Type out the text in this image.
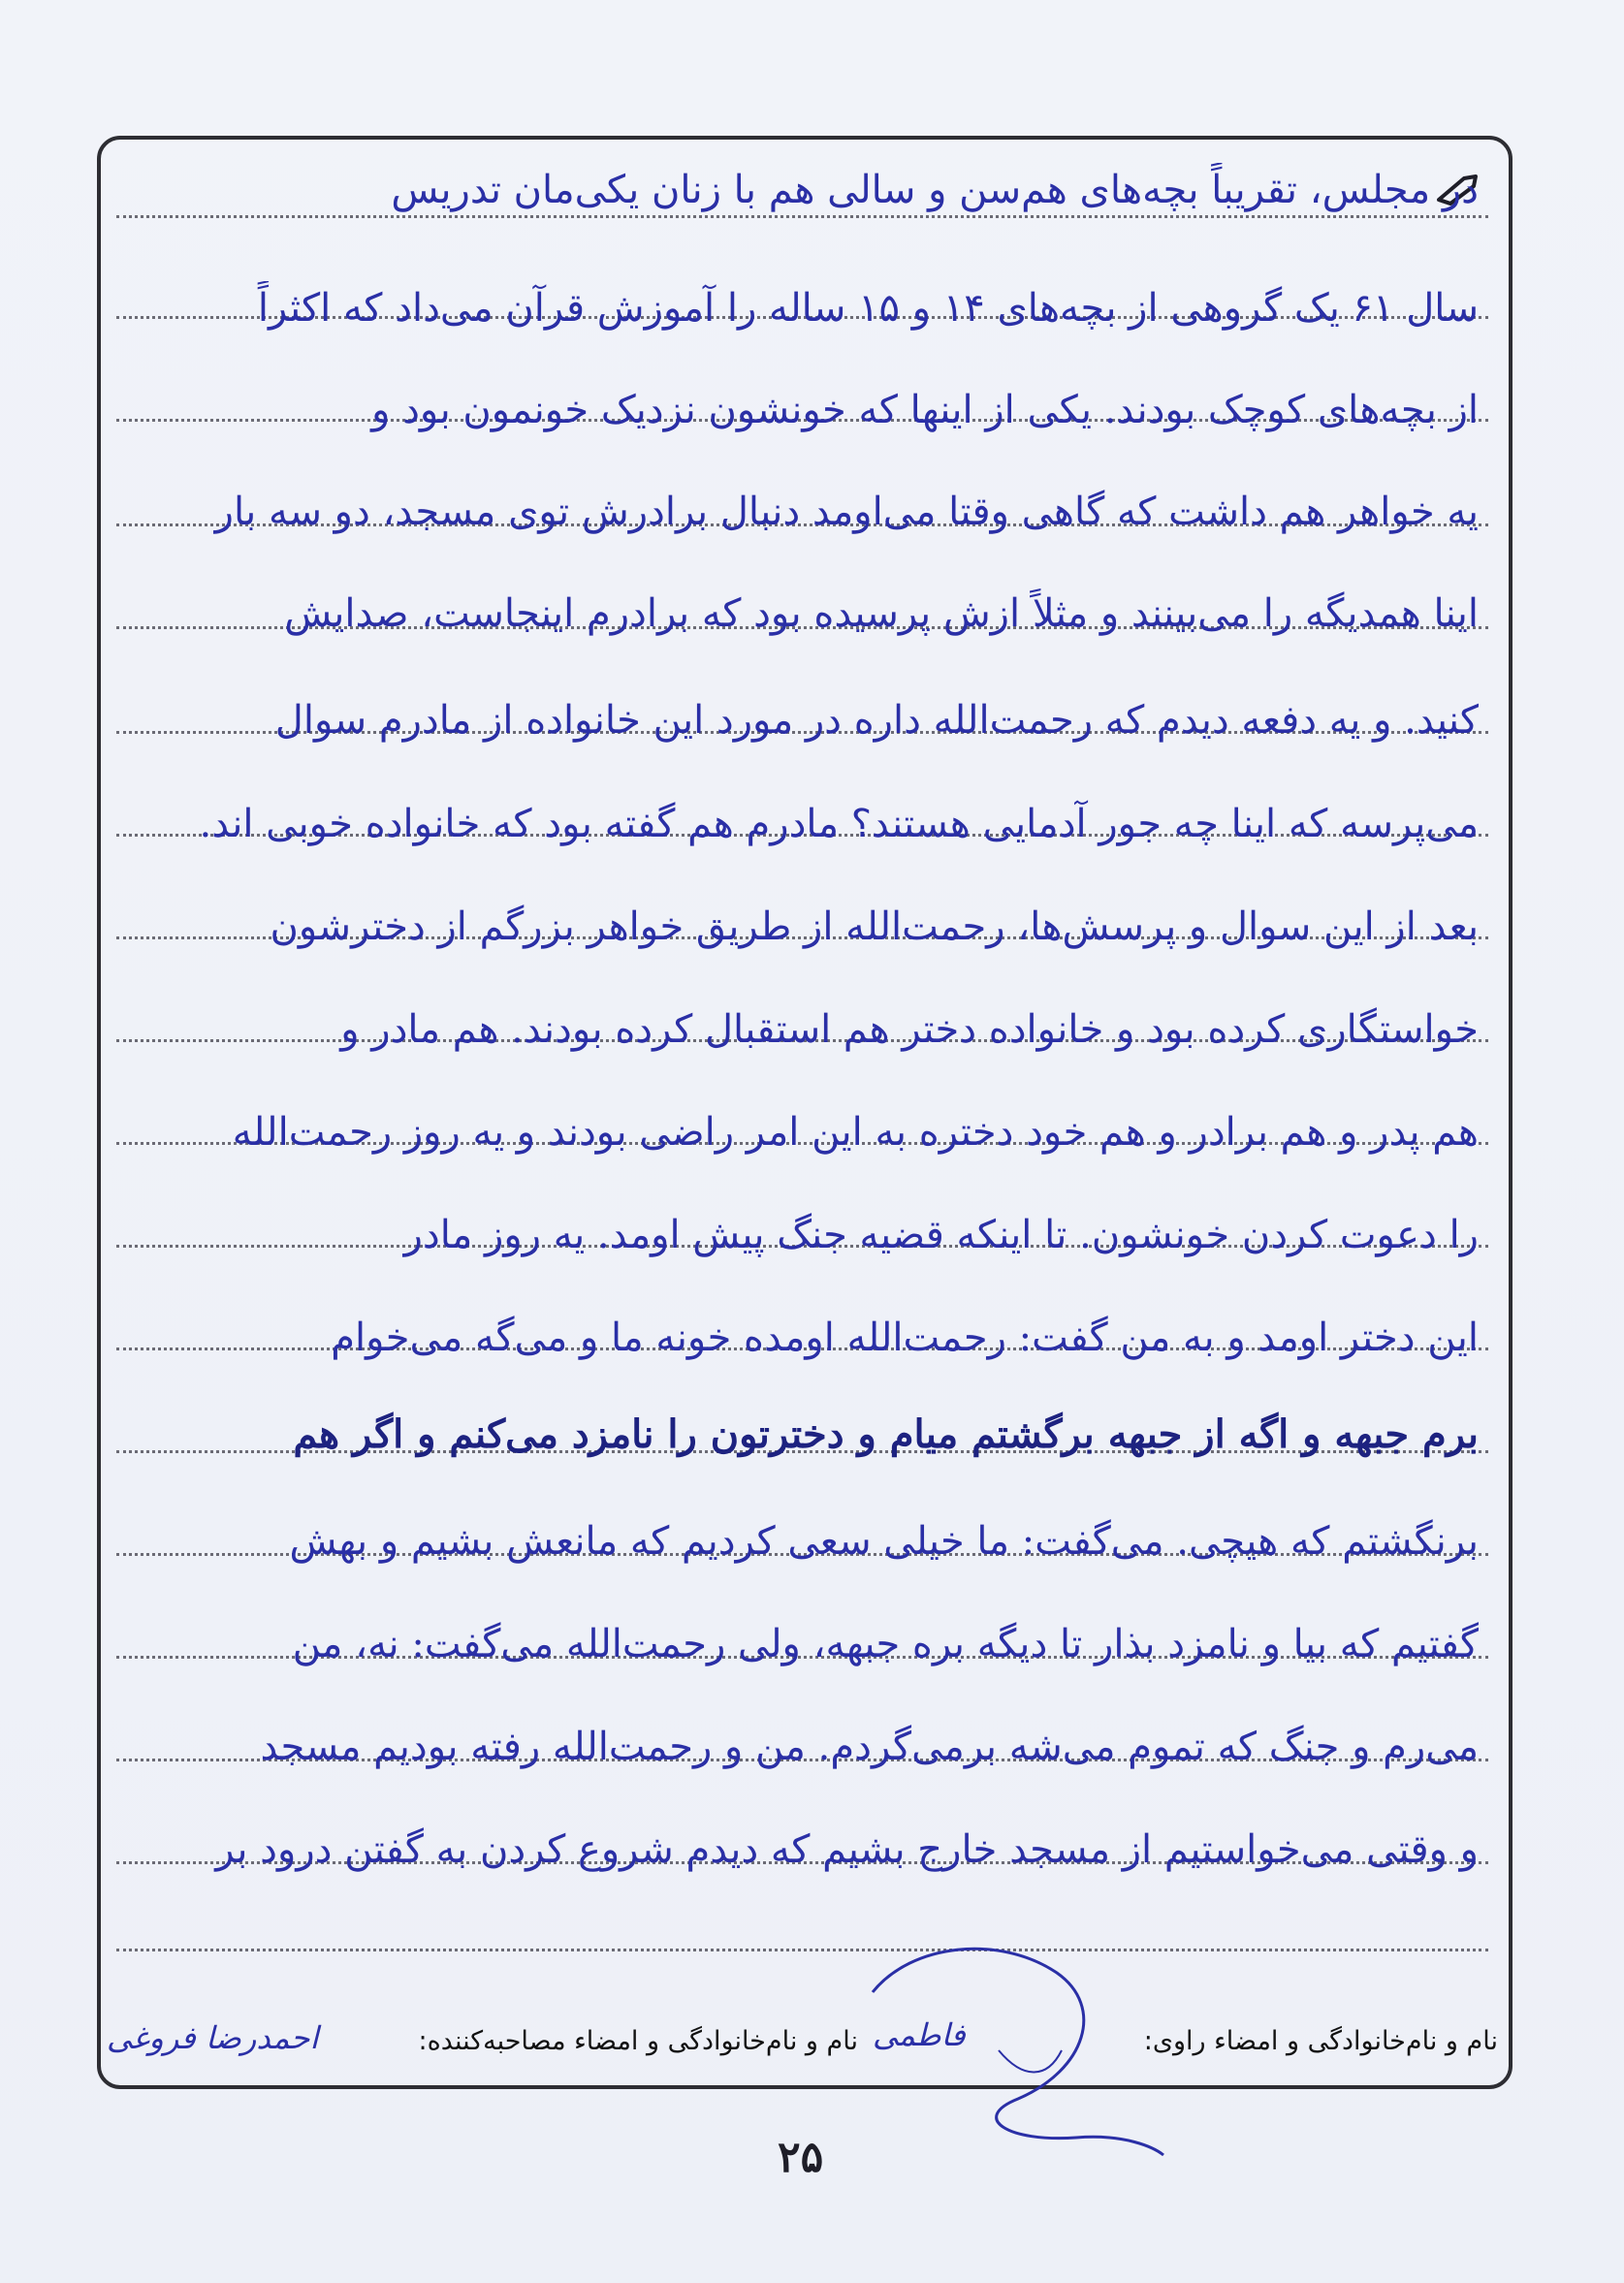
در مجلس، تقریباً بچه‌های هم‌سن و سالی هم با زنان یکی‌مان تدریس
سال ۶۱ یک گروهی از بچه‌های ۱۴ و ۱۵ ساله را آموزش قرآن می‌داد که اکثراً
از بچه‌های کوچک بودند. یکی از اینها که خونشون نزدیک خونمون بود و
یه خواهر هم داشت که گاهی وقتا می‌اومد دنبال برادرش توی مسجد، دو سه بار
اینا همدیگه را می‌بینند و مثلاً ازش پرسیده بود که برادرم اینجاست، صدایش
کنید. و یه دفعه دیدم که رحمت‌الله داره در مورد این خانواده از مادرم سوال
می‌پرسه که اینا چه جور آدمایی هستند؟ مادرم هم گفته بود که خانواده خوبی اند.
بعد از این سوال و پرسش‌ها، رحمت‌الله از طریق خواهر بزرگم از دخترشون
خواستگاری کرده بود و خانواده دختر هم استقبال کرده بودند. هم مادر و
هم پدر و هم برادر و هم خود دختره به این امر راضی بودند و یه روز رحمت‌الله
را دعوت کردن خونشون. تا اینکه قضیه جنگ پیش اومد. یه روز مادر
این دختر اومد و به من گفت: رحمت‌الله اومده خونه ما و می‌گه می‌خوام
برم جبهه و اگه از جبهه برگشتم میام و دخترتون را نامزد می‌کنم و اگر هم
برنگشتم که هیچی. می‌گفت: ما خیلی سعی کردیم که مانعش بشیم و بهش
گفتیم که بیا و نامزد بذار تا دیگه بره جبهه، ولی رحمت‌الله می‌گفت: نه، من
می‌رم و جنگ که تموم می‌شه برمی‌گردم. من و رحمت‌الله رفته بودیم مسجد
و وقتی می‌خواستیم از مسجد خارج بشیم که دیدم شروع کردن به گفتن درود بر
نام و نام‌خانوادگی و امضاء راوی:
نام و نام‌خانوادگی و امضاء مصاحبه‌کننده:
احمدرضا فروغی	فاطمی
۲۵
